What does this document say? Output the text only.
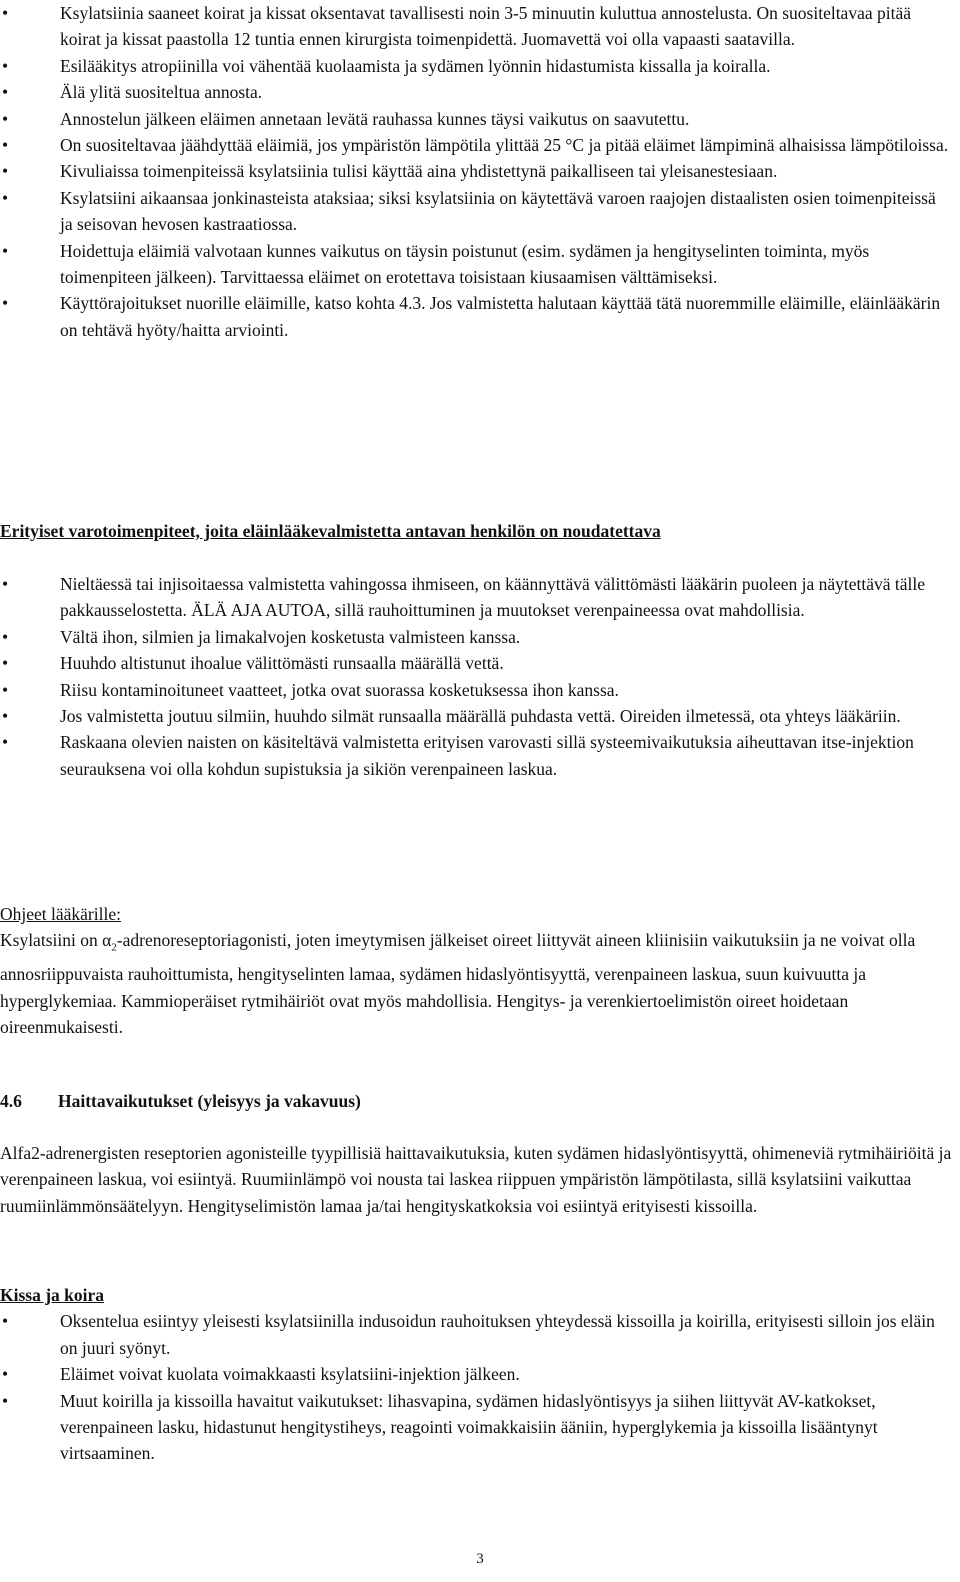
• Ksylatsiinia saaneet koirat ja kissat oksentavat tavallisesti noin 3-5 minuutin kuluttua annostelusta. On suositeltavaa pitää koirat ja kissat paastolla 12 tuntia ennen kirurgista toimenpidettä. Juomavettä voi olla vapaasti saatavilla.
• Esilääkitys atropiinilla voi vähentää kuolaamista ja sydämen lyönnin hidastumista kissalla ja koiralla.
• Älä ylitä suositeltua annosta.
• Annostelun jälkeen eläimen annetaan levätä rauhassa kunnes täysi vaikutus on saavutettu.
• On suositeltavaa jäähdyttää eläimiä, jos ympäristön lämpötila ylittää 25 °C ja pitää eläimet lämpiminä alhaisissa lämpötiloissa.
• Kivuliaissa toimenpiteissä ksylatsiinia tulisi käyttää aina yhdistettynä paikalliseen tai yleisanestesiaan.
• Ksylatsiini aikaansaa jonkinasteista ataksiaa; siksi ksylatsiinia on käytettävä varoen raajojen distaalisten osien toimenpiteissä ja seisovan hevosen kastraatiossa.
• Hoidettuja eläimiä valvotaan kunnes vaikutus on täysin poistunut (esim. sydämen ja hengityselinten toiminta, myös toimenpiteen jälkeen). Tarvittaessa eläimet on erotettava toisistaan kiusaamisen välttämiseksi.
• Käyttörajoitukset nuorille eläimille, katso kohta 4.3. Jos valmistetta halutaan käyttää tätä nuoremmille eläimille, eläinlääkärin on tehtävä hyöty/haitta arviointi.

Erityiset varotoimenpiteet, joita eläinlääkevalmistetta antavan henkilön on noudatettava

• Nieltäessä tai injisoitaessa valmistetta vahingossa ihmiseen, on käännyttävä välittömästi lääkärin puoleen ja näytettävä tälle pakkausselostetta. ÄLÄ AJA AUTOA, sillä rauhoittuminen ja muutokset verenpaineessa ovat mahdollisia.
• Vältä ihon, silmien ja limakalvojen kosketusta valmisteen kanssa.
• Huuhdo altistunut ihoalue välittömästi runsaalla määrällä vettä.
• Riisu kontaminoituneet vaatteet, jotka ovat suorassa kosketuksessa ihon kanssa.
• Jos valmistetta joutuu silmiin, huuhdo silmät runsaalla määrällä puhdasta vettä. Oireiden ilmetessä, ota yhteys lääkäriin.
• Raskaana olevien naisten on käsiteltävä valmistetta erityisen varovasti sillä systeemivaikutuksia aiheuttavan itse-injektion seurauksena voi olla kohdun supistuksia ja sikiön verenpaineen laskua.

Ohjeet lääkärille:

Ksylatsiini on $\alpha_2$-adrenoreseptoriagonisti, joten imeytymisen jälkeiset oireet liittyvät aineen kliinisiin vaikutuksiin ja ne voivat olla annosriippuvaista rauhoittumista, hengityselinten lamaa, sydämen hidaslyöntisyyttä, verenpaineen laskua, suun kuivuutta ja hyperglykemiaa. Kammioperäiset rytmihäiriöt ovat myös mahdollisia. Hengitys- ja verenkiertoelimistön oireet hoidetaan oireenmukaisesti.

4.6 Haittavaikutukset (yleisyys ja vakavuus)

Alfa2-adrenergisten reseptorien agonisteille tyypillisiä haittavaikutuksia, kuten sydämen hidaslyöntisyyttä, ohimeneviä rytmihäiriöitä ja verenpaineen laskua, voi esiintyä. Ruumiinlämpö voi nousta tai laskea riippuen ympäristön lämpötilasta, sillä ksylatsiini vaikuttaa ruumiinlämmönsäätelyyn. Hengityselimistön lamaa ja/tai hengityskatkoksia voi esiintyä erityisesti kissoilla.

Kissa ja koira

• Oksentelua esiintyy yleisesti ksylatsiinilla indusoidun rauhoituksen yhteydessä kissoilla ja koirilla, erityisesti silloin jos eläin on juuri syönyt.
• Eläimet voivat kuolata voimakkaasti ksylatsiini-injektion jälkeen.
• Muut koirilla ja kissoilla havaitut vaikutukset: lihasvapina, sydämen hidaslyöntisyys ja siihen liittyvät AV-katkokset, verenpaineen lasku, hidastunut hengitystiheys, reagointi voimakkaisiin ääniin, hyperglykemia ja kissoilla lisääntynyt virtsaaminen.
3
